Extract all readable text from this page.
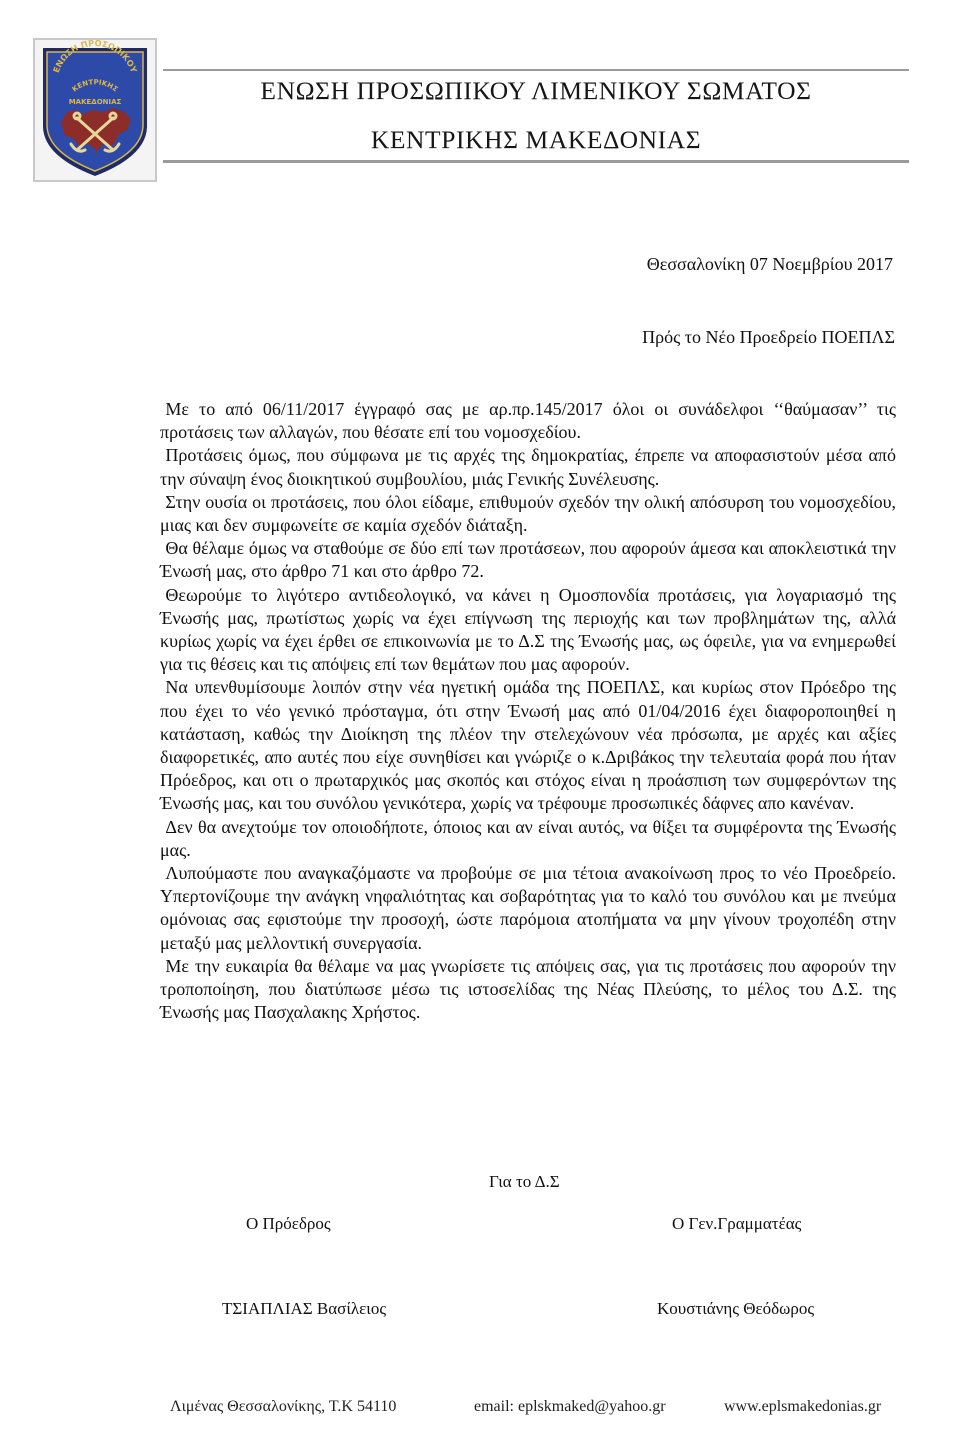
ΕΝΩΣΗ ΠΡΟΣΩΠΙΚΟΥ
ΚΕΝΤΡΙΚΗΣ
ΜΑΚΕΔΟΝΙΑΣ	ΕΝΩΣΗ ΠΡΟΣΩΠΙΚΟΥ ΛΙΜΕΝΙΚΟΥ ΣΩΜΑΤΟΣ
ΚΕΝΤΡΙΚΗΣ ΜΑΚΕΔΟΝΙΑΣ
Θεσσαλονίκη 07 Νοεμβρίου 2017
Πρός το Νέο Προεδρείο ΠΟΕΠΛΣ

Με το από 06/11/2017 έγγραφό σας με αρ.πρ.145/2017 όλοι οι συνάδελφοι ‘‘θαύμασαν’’ τις προτάσεις των αλλαγών, που θέσατε επί του νομοσχεδίου.

Προτάσεις όμως, που σύμφωνα με τις αρχές της δημοκρατίας, έπρεπε να αποφασιστούν μέσα από την σύναψη ένος διοικητικού συμβουλίου, μιάς Γενικής Συνέλευσης.

Στην ουσία οι προτάσεις, που όλοι είδαμε, επιθυμούν σχεδόν την ολική απόσυρση του νομοσχεδίου, μιας και δεν συμφωνείτε σε καμία σχεδόν διάταξη.

Θα θέλαμε όμως να σταθούμε σε δύο επί των προτάσεων, που αφορούν άμεσα και αποκλειστικά την Ένωσή μας, στο άρθρο 71 και στο άρθρο 72.

Θεωρούμε το λιγότερο αντιδεολογικό, να κάνει η Ομοσπονδία προτάσεις, για λογαριασμό της Ένωσής μας, πρωτίστως χωρίς να έχει επίγνωση της περιοχής και των προβλημάτων της, αλλά κυρίως χωρίς να έχει έρθει σε επικοινωνία με το Δ.Σ της Ένωσής μας, ως όφειλε, για να ενημερωθεί για τις θέσεις και τις απόψεις επί των θεμάτων που μας αφορούν.

Να υπενθυμίσουμε λοιπόν στην νέα ηγετική ομάδα της ΠΟΕΠΛΣ, και κυρίως στον Πρόεδρο της που έχει το νέο γενικό πρόσταγμα, ότι στην Ένωσή μας από 01/04/2016 έχει διαφοροποιηθεί η κατάσταση, καθώς την Διοίκηση της πλέον την στελεχώνουν νέα πρόσωπα, με αρχές και αξίες διαφορετικές, απο αυτές που είχε συνηθίσει και γνώριζε ο κ.Δριβάκος την τελευταία φορά που ήταν Πρόεδρος, και οτι ο πρωταρχικός μας σκοπός και στόχος είναι η προάσπιση των συμφερόντων της Ένωσής μας, και του συνόλου γενικότερα, χωρίς να τρέφουμε προσωπικές δάφνες απο κανέναν.

Δεν θα ανεχτούμε τον οποιοδήποτε, όποιος και αν είναι αυτός, να θίξει τα συμφέροντα της Ένωσής μας.

Λυπούμαστε που αναγκαζόμαστε να προβούμε σε μια τέτοια ανακοίνωση προς το νέο Προεδρείο. Υπερτονίζουμε την ανάγκη νηφαλιότητας και σοβαρότητας για το καλό του συνόλου και με πνεύμα ομόνοιας σας εφιστούμε την προσοχή, ώστε παρόμοια ατοπήματα να μην γίνουν τροχοπέδη στην μεταξύ μας μελλοντική συνεργασία.

Με την ευκαιρία θα θέλαμε να μας γνωρίσετε τις απόψεις σας, για τις προτάσεις που αφορούν την τροποποίηση, που διατύπωσε μέσω τις ιστοσελίδας της Νέας Πλεύσης, το μέλος του Δ.Σ. της Ένωσής μας Πασχαλακης Χρήστος.

Για το Δ.Σ
Ο Πρόεδρος	Ο Γεν.Γραμματέας
ΤΣΙΑΠΛΙΑΣ Βασίλειος	Κουστιάνης Θεόδωρος
Λιμένας Θεσσαλονίκης, Τ.Κ 54110	email: eplskmaked@yahoo.gr	www.eplsmakedonias.gr
